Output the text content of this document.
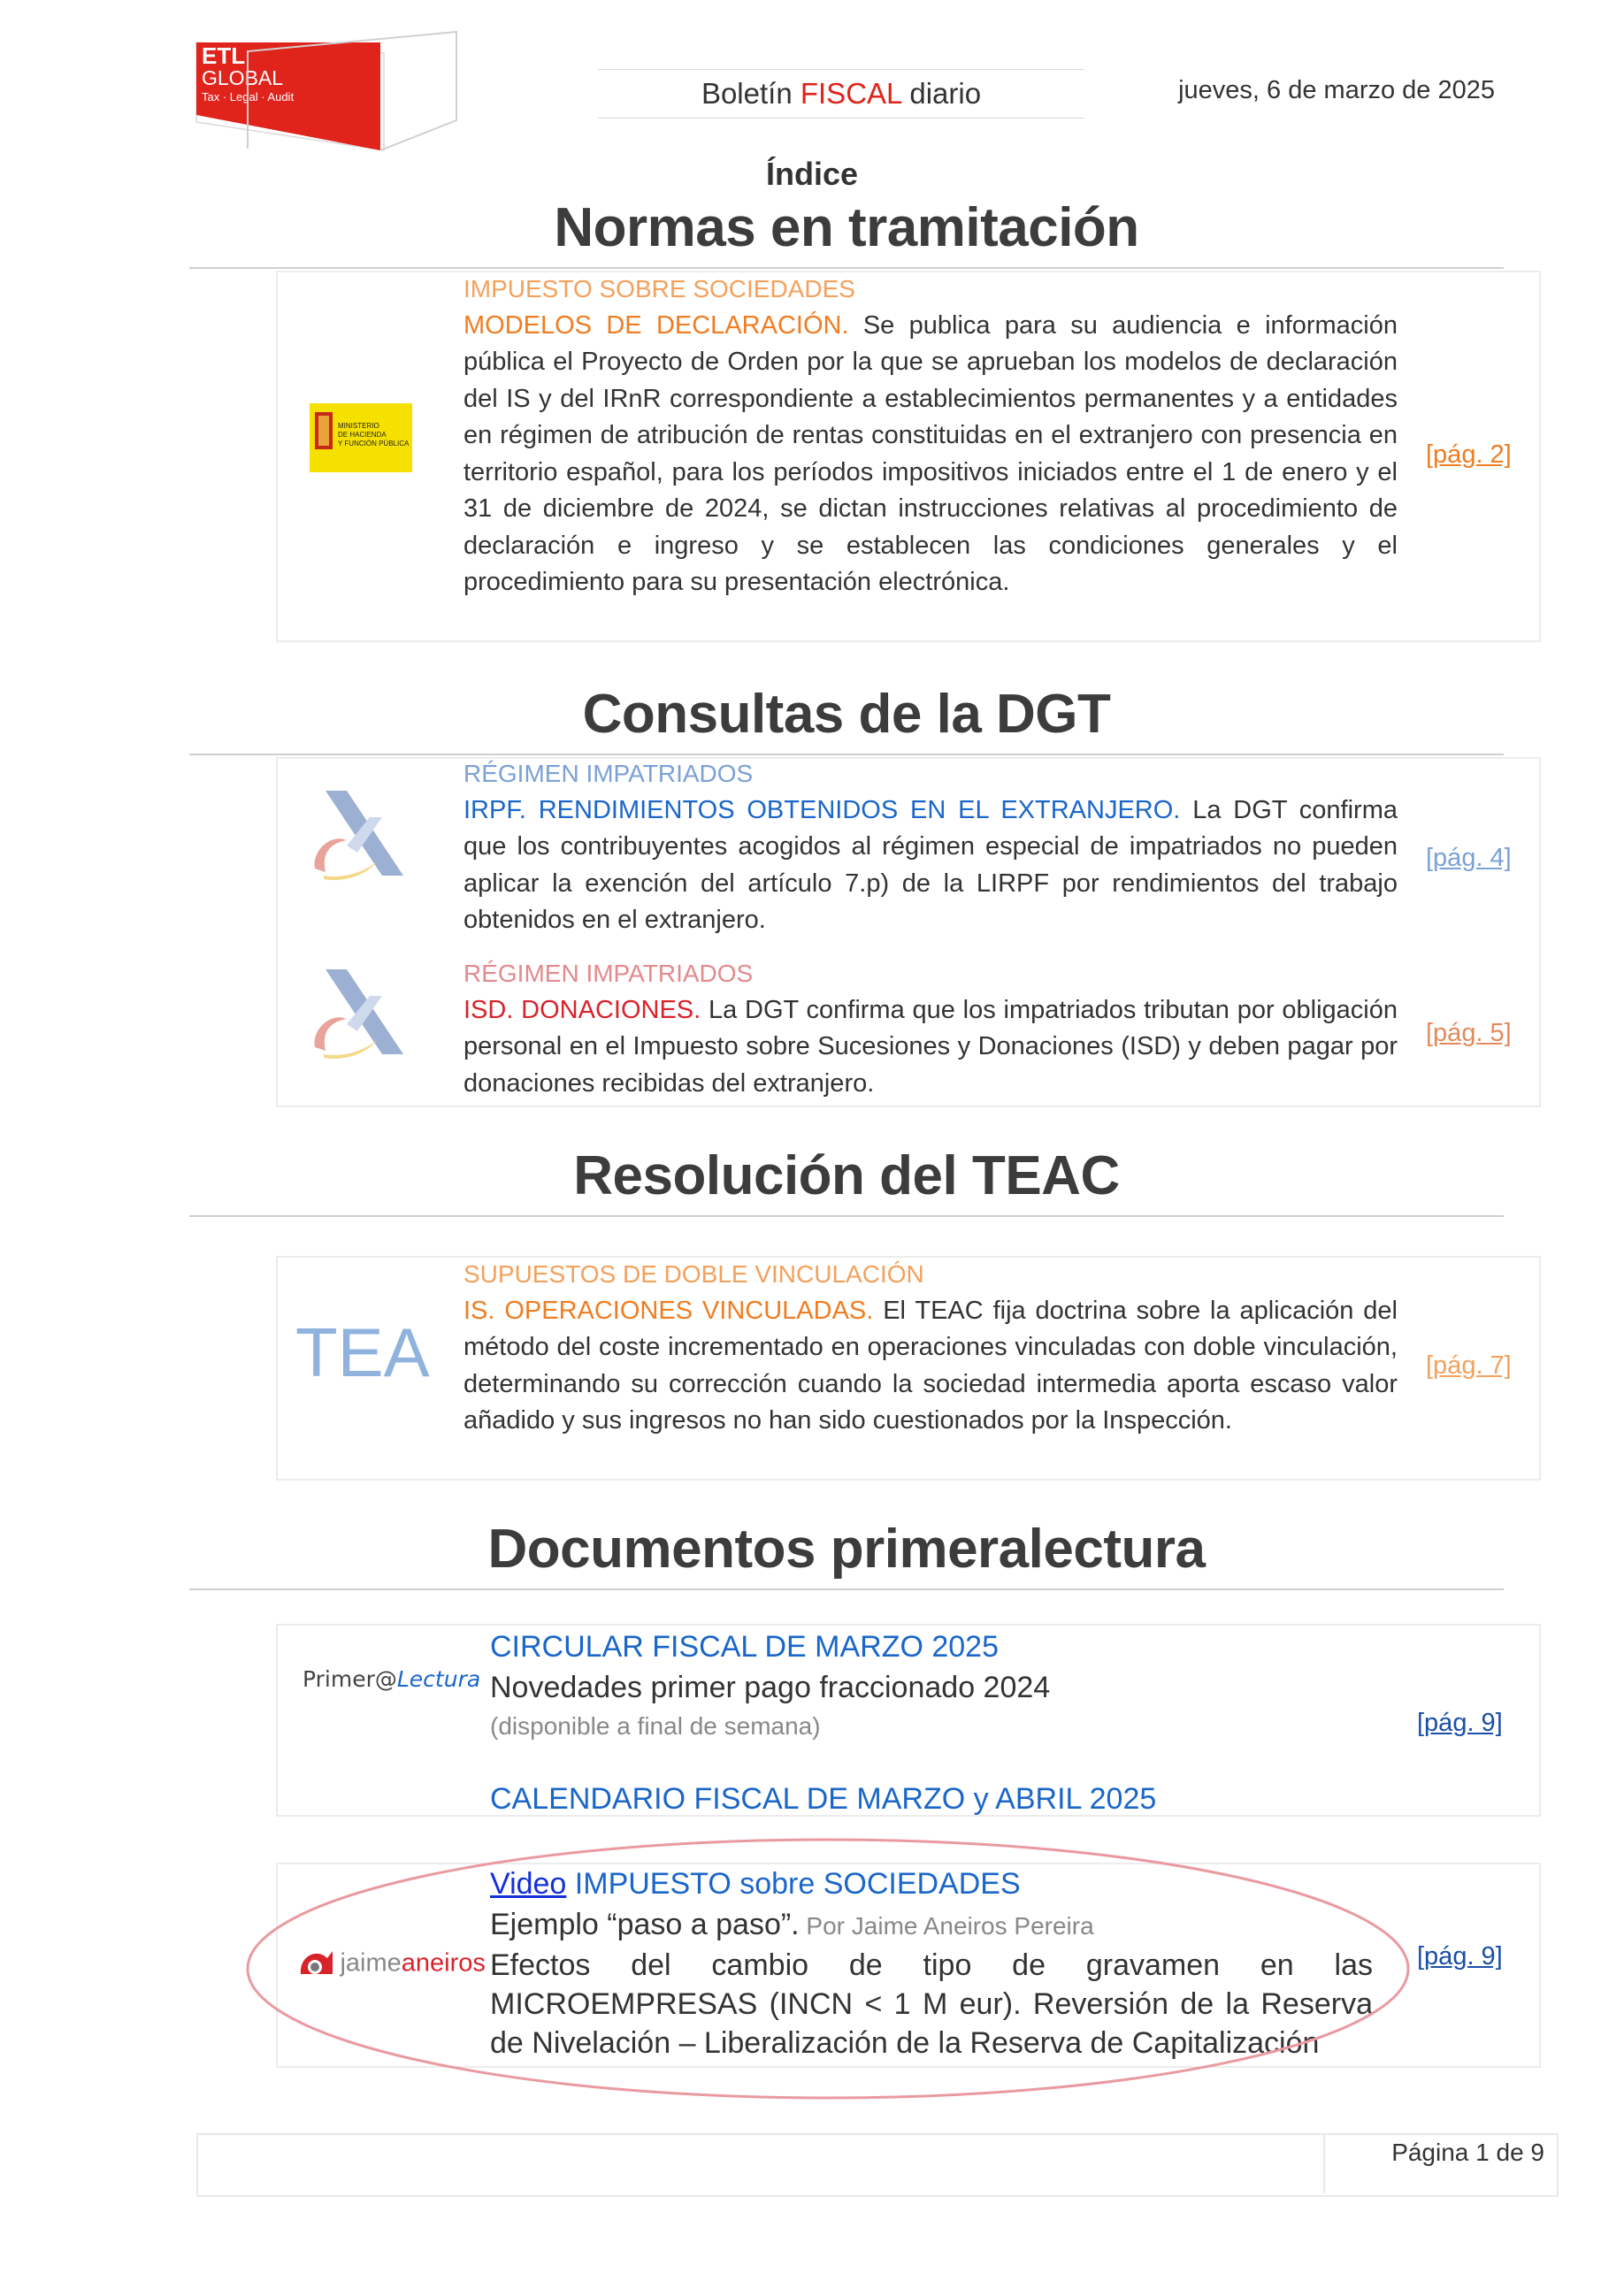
ETL
GLOBAL
Tax · Legal · Audit	Boletín FISCAL diario	jueves, 6 de marzo de 2025
Índice
Normas en tramitación
MINISTERIO
DE HACIENDA
Y FUNCIÓN PÚBLICA
IMPUESTO SOBRE SOCIEDADES
MODELOS DE DECLARACIÓN. Se publica para su audiencia e información pública el Proyecto de Orden por la que se aprueban los modelos de declaración del IS y del IRnR correspondiente a establecimientos permanentes y a entidades en régimen de atribución de rentas constituidas en el extranjero con presencia en territorio español, para los períodos impositivos iniciados entre el 1 de enero y el 31 de diciembre de 2024, se dictan instrucciones relativas al procedimiento de declaración e ingreso y se establecen las condiciones generales y el procedimiento para su presentación electrónica.
[pág. 2]
Consultas de la DGT
RÉGIMEN IMPATRIADOS
IRPF. RENDIMIENTOS OBTENIDOS EN EL EXTRANJERO. La DGT confirma que los contribuyentes acogidos al régimen especial de impatriados no pueden aplicar la exención del artículo 7.p) de la LIRPF por rendimientos del trabajo obtenidos en el extranjero.
[pág. 4]
RÉGIMEN IMPATRIADOS
ISD. DONACIONES. La DGT confirma que los impatriados tributan por obligación personal en el Impuesto sobre Sucesiones y Donaciones (ISD) y deben pagar por donaciones recibidas del extranjero.
[pág. 5]
Resolución del TEAC
TEA
SUPUESTOS DE DOBLE VINCULACIÓN
IS. OPERACIONES VINCULADAS. El TEAC fija doctrina sobre la aplicación del método del coste incrementado en operaciones vinculadas con doble vinculación, determinando su corrección cuando la sociedad intermedia aporta escaso valor añadido y sus ingresos no han sido cuestionados por la Inspección.
[pág. 7]
Documentos primeralectura
Primer@Lectura
CIRCULAR FISCAL DE MARZO 2025
Novedades primer pago fraccionado 2024
(disponible a final de semana)
CALENDARIO FISCAL DE MARZO y ABRIL 2025
[pág. 9]
jaimeaneiros
Video IMPUESTO sobre SOCIEDADES
Ejemplo “paso a paso”. Por Jaime Aneiros Pereira
Efectos del cambio de tipo de gravamen en las MICROEMPRESAS (INCN < 1 M eur). Reversión de la Reserva de Nivelación – Liberalización de la Reserva de Capitalización
[pág. 9]
Página 1 de 9
